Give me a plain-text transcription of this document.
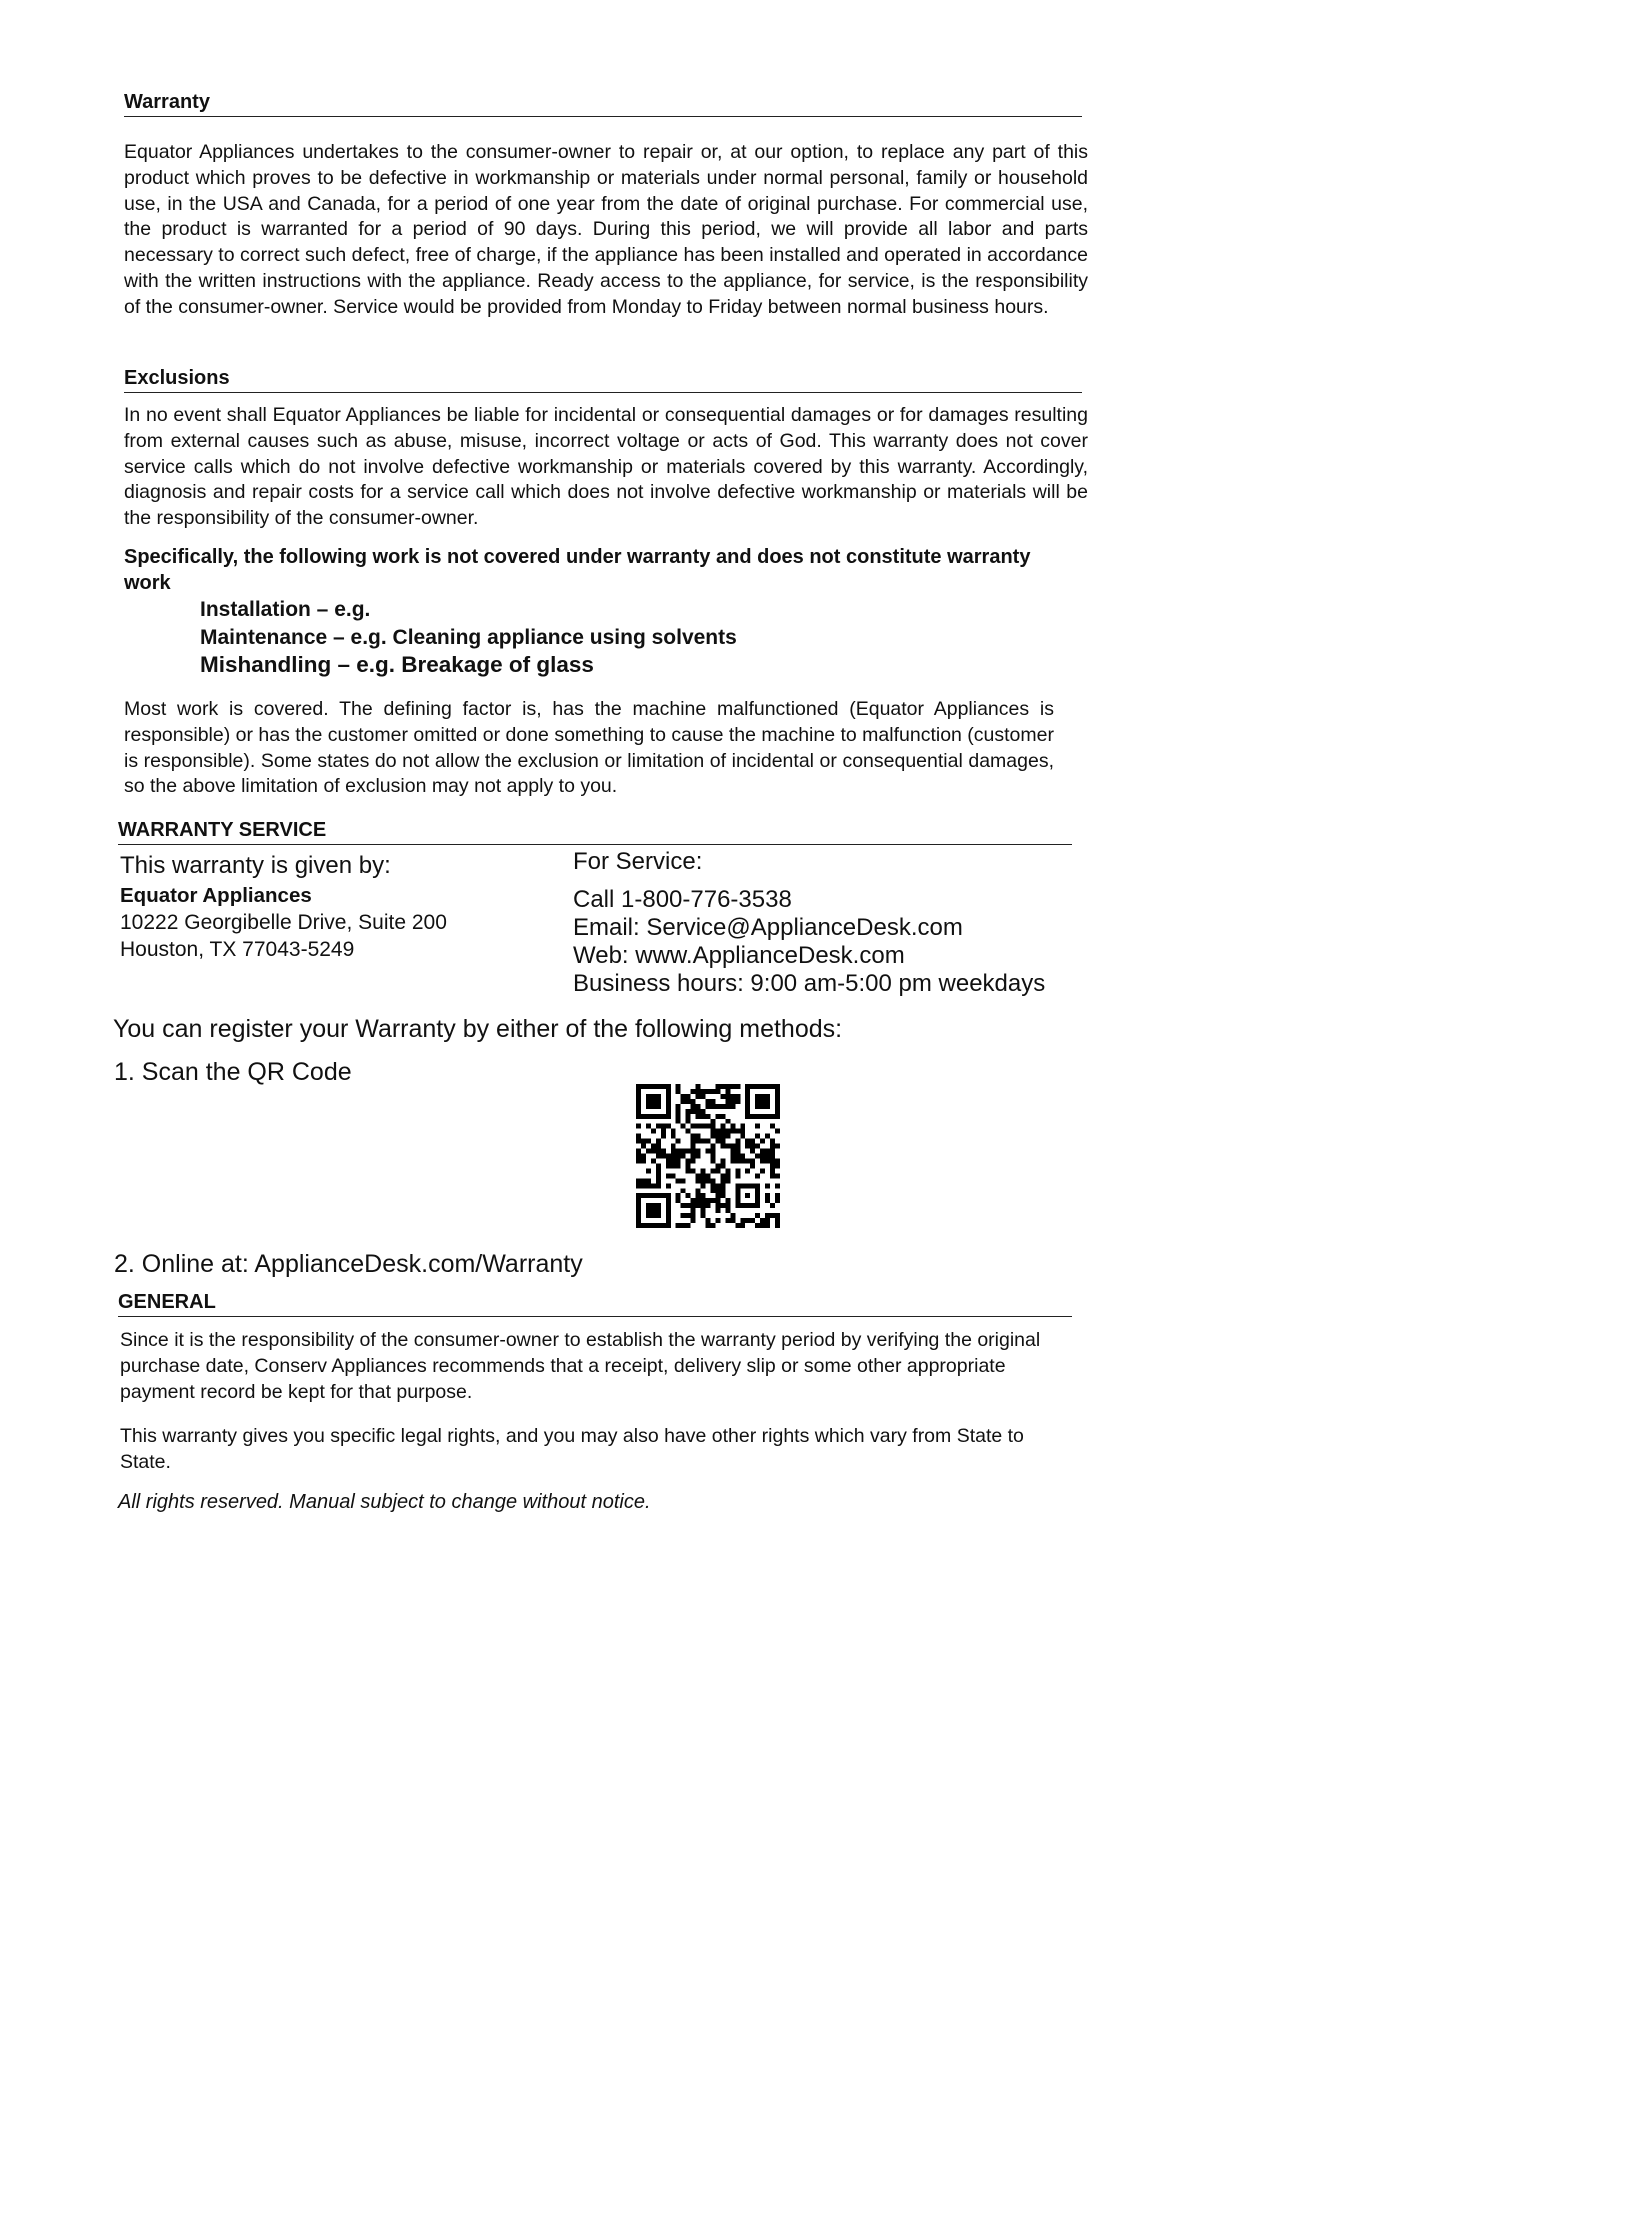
Warranty
Equator Appliances undertakes to the consumer-owner to repair or, at our option, to replace any part of this product which proves to be defective in workmanship or materials under normal personal, family or household use, in the USA and Canada, for a period of one year from the date of original purchase. For commercial use, the product is warranted for a period of 90 days. During this period, we will provide all labor and parts necessary to correct such defect, free of charge, if the appliance has been installed and operated in accordance with the written instructions with the appliance. Ready access to the appliance, for service, is the responsibility of the consumer-owner. Service would be provided from Monday to Friday between normal business hours.
Exclusions
In no event shall Equator Appliances be liable for incidental or consequential damages or for damages resulting from external causes such as abuse, misuse, incorrect voltage or acts of God. This warranty does not cover service calls which do not involve defective workmanship or materials covered by this warranty. Accordingly, diagnosis and repair costs for a service call which does not involve defective workmanship or materials will be the responsibility of the consumer-owner.
Specifically, the following work is not covered under warranty and does not constitute warranty work
Installation – e.g.
Maintenance – e.g. Cleaning appliance using solvents
Mishandling – e.g. Breakage of glass
Most work is covered. The defining factor is, has the machine malfunctioned (Equator Appliances is responsible) or has the customer omitted or done something to cause the machine to malfunction (customer is responsible). Some states do not allow the exclusion or limitation of incidental or consequential damages, so the above limitation of exclusion may not apply to you.
WARRANTY SERVICE
This warranty is given by:
Equator Appliances
10222 Georgibelle Drive, Suite 200
Houston, TX 77043-5249
For Service:
Call 1-800-776-3538
Email: Service@ApplianceDesk.com
Web: www.ApplianceDesk.com
Business hours: 9:00 am-5:00 pm weekdays
You can register your Warranty by either of the following methods:
1. Scan the QR Code
2. Online at: ApplianceDesk.com/Warranty
GENERAL
Since it is the responsibility of the consumer-owner to establish the warranty period by verifying the original purchase date, Conserv Appliances recommends that a receipt, delivery slip or some other appropriate payment record be kept for that purpose.
This warranty gives you specific legal rights, and you may also have other rights which vary from State to State.
All rights reserved. Manual subject to change without notice.
